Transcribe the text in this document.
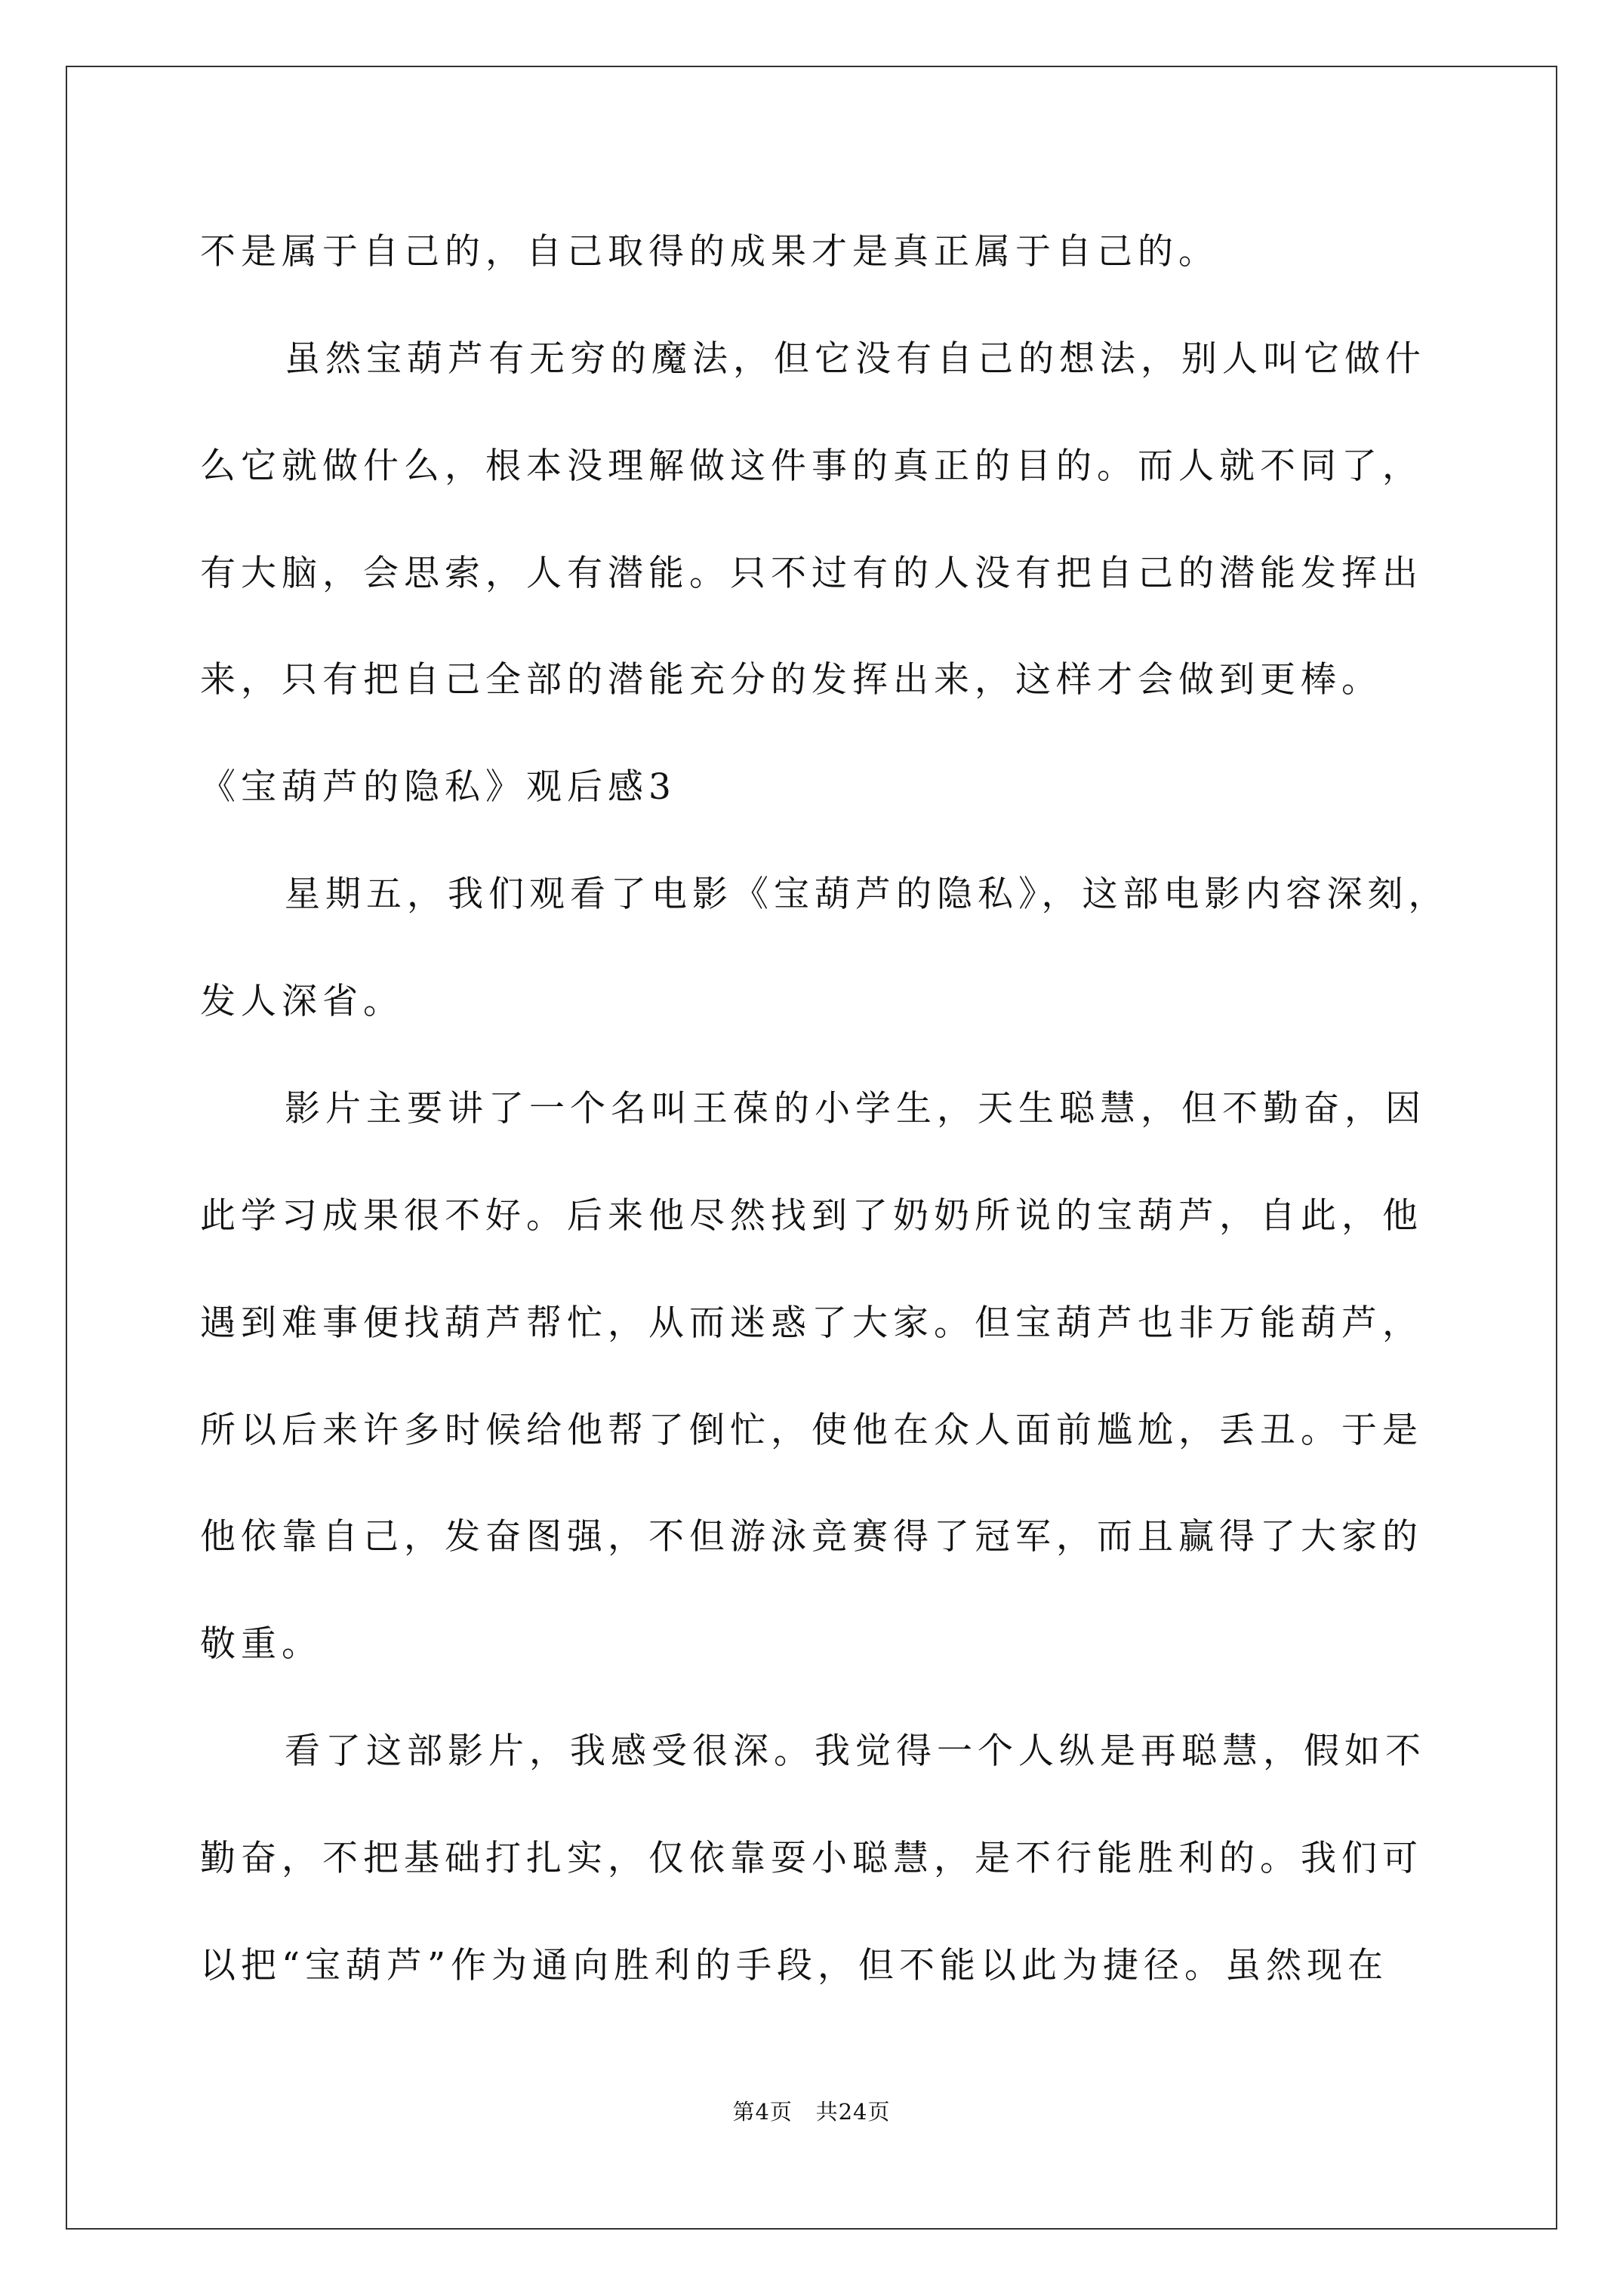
不是属于自己的，自己取得的成果才是真正属于自己的。
虽然宝葫芦有无穷的魔法，但它没有自己的想法，别人叫它做什
么它就做什么，根本没理解做这件事的真正的目的。而人就不同了，
有大脑，会思索，人有潜能。只不过有的人没有把自己的潜能发挥出
来，只有把自己全部的潜能充分的发挥出来，这样才会做到更棒。
《宝葫芦的隐私》观后感3
星期五，我们观看了电影《宝葫芦的隐私》，这部电影内容深刻，
发人深省。
影片主要讲了一个名叫王葆的小学生，天生聪慧，但不勤奋，因
此学习成果很不好。后来他尽然找到了奶奶所说的宝葫芦，自此，他
遇到难事便找葫芦帮忙，从而迷惑了大家。但宝葫芦也非万能葫芦，
所以后来许多时候给他帮了倒忙，使他在众人面前尴尬，丢丑。于是
他依靠自己，发奋图强，不但游泳竞赛得了冠军，而且赢得了大家的
敬重。
看了这部影片，我感受很深。我觉得一个人纵是再聪慧，假如不
勤奋，不把基础打扎实，仅依靠耍小聪慧，是不行能胜利的。我们可
以把“宝葫芦”作为通向胜利的手段，但不能以此为捷径。虽然现在
第4页   共24页
